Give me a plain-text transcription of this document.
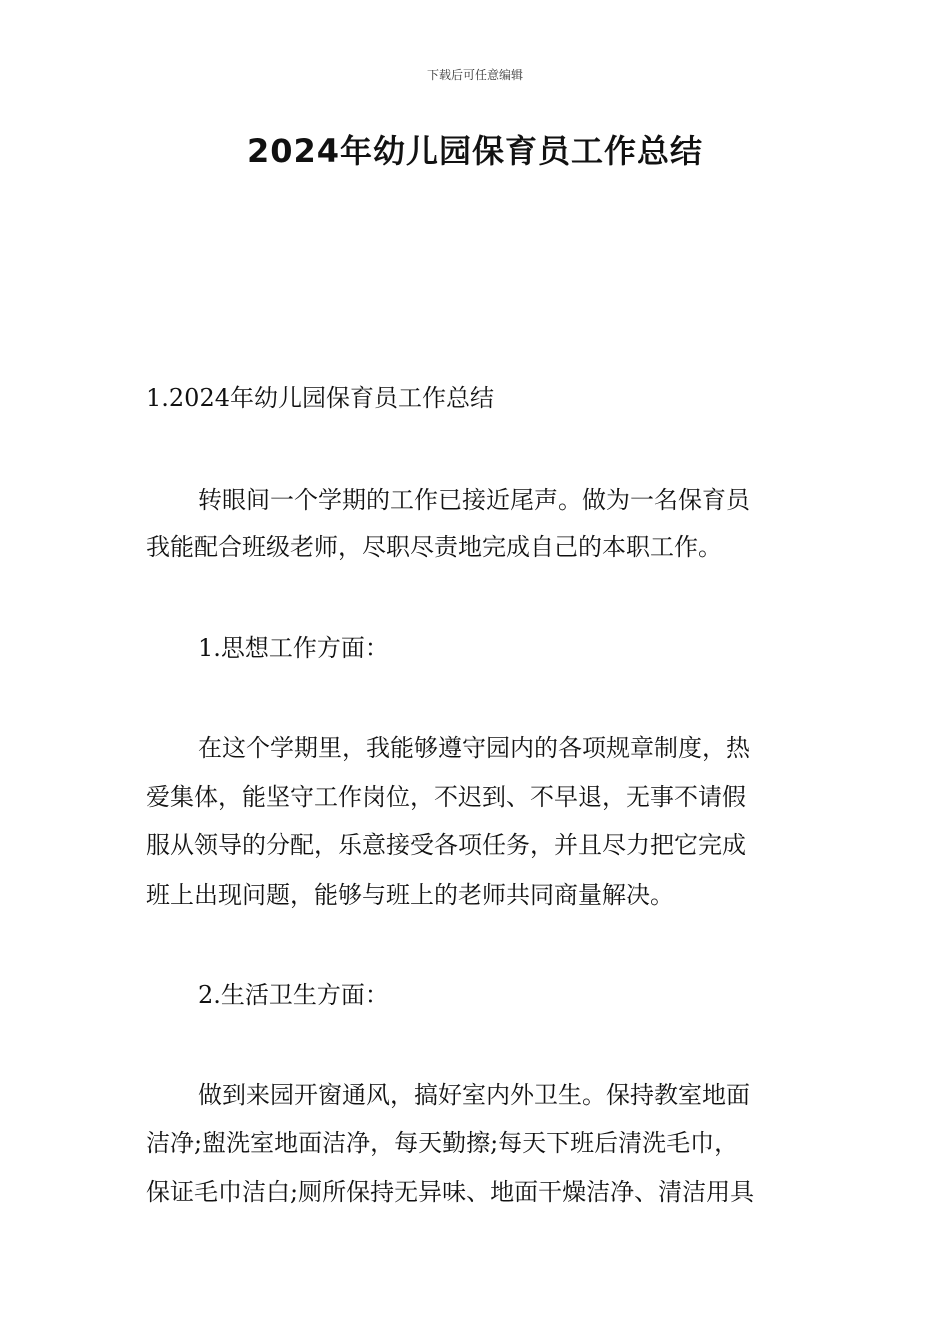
下载后可任意编辑
2024年幼儿园保育员工作总结
1.2024年幼儿园保育员工作总结
转眼间一个学期的工作已接近尾声。做为一名保育员
我能配合班级老师，尽职尽责地完成自己的本职工作。
1.思想工作方面：
在这个学期里，我能够遵守园内的各项规章制度，热
爱集体，能坚守工作岗位，不迟到、不早退，无事不请假
服从领导的分配，乐意接受各项任务，并且尽力把它完成
班上出现问题，能够与班上的老师共同商量解决。
2.生活卫生方面：
做到来园开窗通风，搞好室内外卫生。保持教室地面
洁净;盥洗室地面洁净，每天勤擦;每天下班后清洗毛巾，
保证毛巾洁白;厕所保持无异味、地面干燥洁净、清洁用具
